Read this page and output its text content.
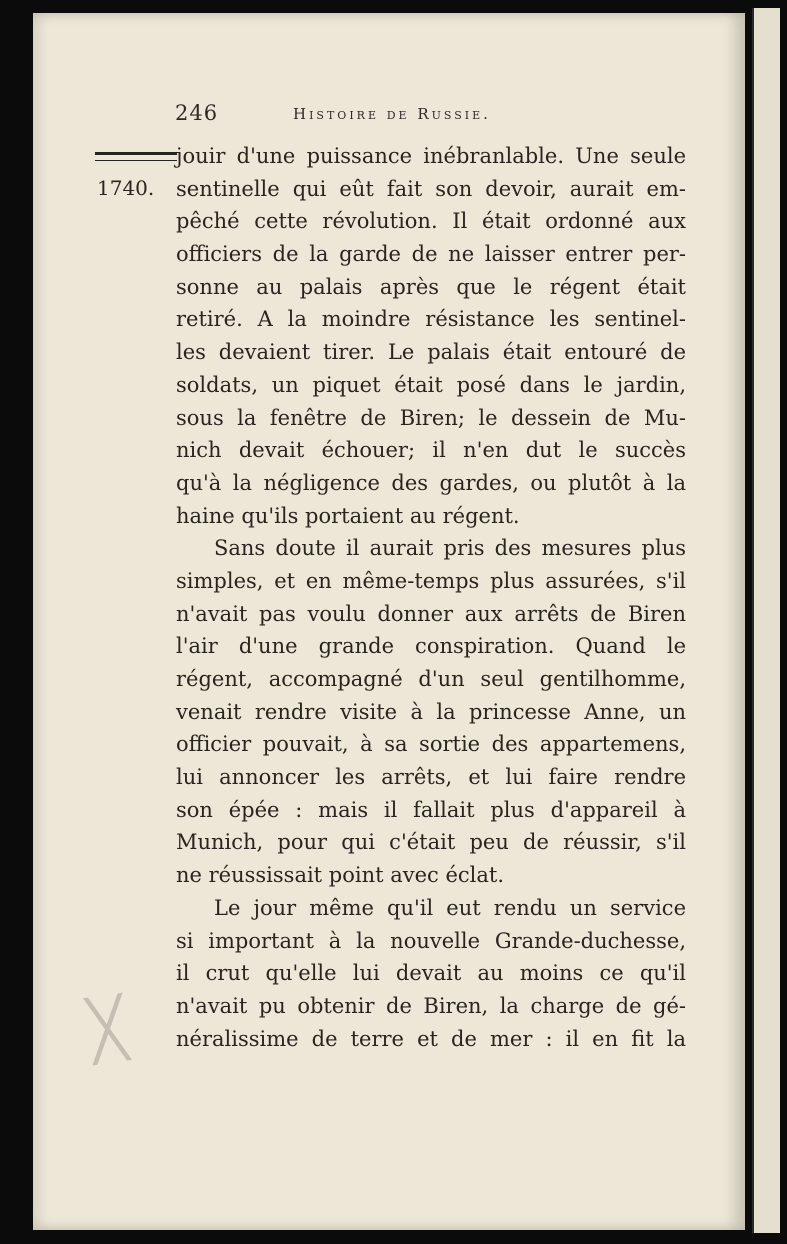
246	Histoire de Russie.
1740.
╳
jouir d'une puissance inébranlable. Une seule
sentinelle qui eût fait son devoir, aurait em-
pêché cette révolution. Il était ordonné aux
officiers de la garde de ne laisser entrer per-
sonne au palais après que le régent était
retiré. A la moindre résistance les sentinel-
les devaient tirer. Le palais était entouré de
soldats, un piquet était posé dans le jardin,
sous la fenêtre de Biren; le dessein de Mu-
nich devait échouer; il n'en dut le succès
qu'à la négligence des gardes, ou plutôt à la
haine qu'ils portaient au régent.
Sans doute il aurait pris des mesures plus
simples, et en même-temps plus assurées, s'il
n'avait pas voulu donner aux arrêts de Biren
l'air d'une grande conspiration. Quand le
régent, accompagné d'un seul gentilhomme,
venait rendre visite à la princesse Anne, un
officier pouvait, à sa sortie des appartemens,
lui annoncer les arrêts, et lui faire rendre
son épée : mais il fallait plus d'appareil à
Munich, pour qui c'était peu de réussir, s'il
ne réussissait point avec éclat.
Le jour même qu'il eut rendu un service
si important à la nouvelle Grande-duchesse,
il crut qu'elle lui devait au moins ce qu'il
n'avait pu obtenir de Biren, la charge de gé-
néralissime de terre et de mer : il en fit la
